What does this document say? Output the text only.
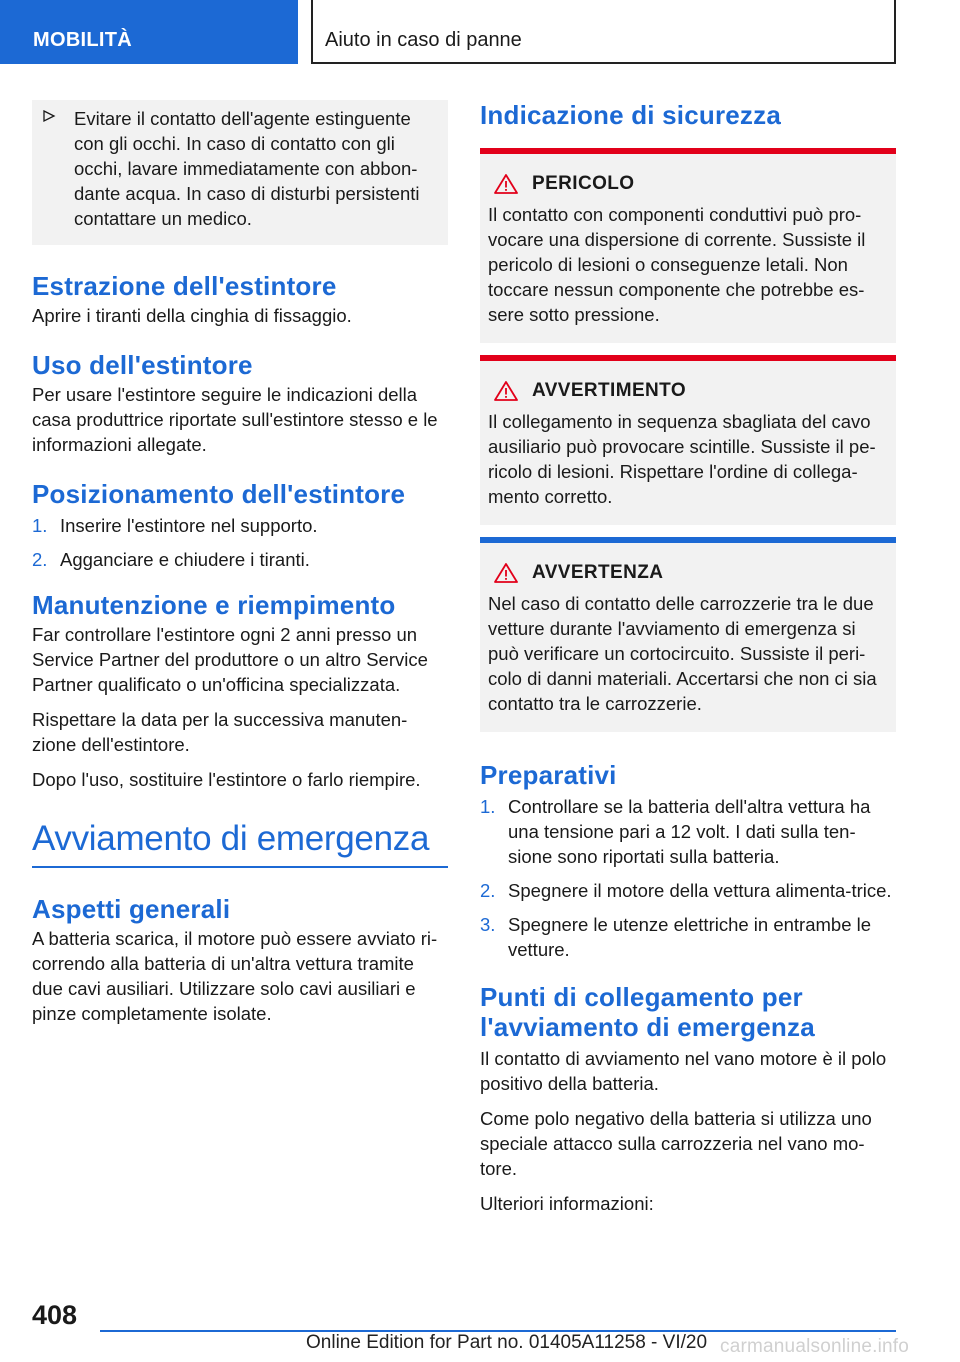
MOBILITÀ	Aiuto in caso di panne
Evitare il contatto dell'agente estinguente con gli occhi. In caso di contatto con gli occhi, lavare immediatamente con abbon‐dante acqua. In caso di disturbi persistenti contattare un medico.
Estrazione dell'estintore
Aprire i tiranti della cinghia di fissaggio.
Uso dell'estintore
Per usare l'estintore seguire le indicazioni della casa produttrice riportate sull'estintore stesso e le informazioni allegate.
Posizionamento dell'estintore
1. Inserire l'estintore nel supporto.
2. Agganciare e chiudere i tiranti.
Manutenzione e riempimento
Far controllare l'estintore ogni 2 anni presso un Service Partner del produttore o un altro Service Partner qualificato o un'officina specializzata.
Rispettare la data per la successiva manuten‐zione dell'estintore.
Dopo l'uso, sostituire l'estintore o farlo riempire.
Avviamento di emergenza
Aspetti generali
A batteria scarica, il motore può essere avviato ri‐correndo alla batteria di un'altra vettura tramite due cavi ausiliari. Utilizzare solo cavi ausiliari e pinze completamente isolate.
Indicazione di sicurezza
PERICOLO
Il contatto con componenti conduttivi può pro‐vocare una dispersione di corrente. Sussiste il pericolo di lesioni o conseguenze letali. Non toccare nessun componente che potrebbe es‐sere sotto pressione.
AVVERTIMENTO
Il collegamento in sequenza sbagliata del cavo ausiliario può provocare scintille. Sussiste il pe‐ricolo di lesioni. Rispettare l'ordine di collega‐mento corretto.
AVVERTENZA
Nel caso di contatto delle carrozzerie tra le due vetture durante l'avviamento di emergenza si può verificare un cortocircuito. Sussiste il peri‐colo di danni materiali. Accertarsi che non ci sia contatto tra le carrozzerie.
Preparativi
1. Controllare se la batteria dell'altra vettura ha una tensione pari a 12 volt. I dati sulla ten‐sione sono riportati sulla batteria.
2. Spegnere il motore della vettura alimenta‐trice.
3. Spegnere le utenze elettriche in entrambe le vetture.
Punti di collegamento per l'avviamento di emergenza
Il contatto di avviamento nel vano motore è il polo positivo della batteria.
Come polo negativo della batteria si utilizza uno speciale attacco sulla carrozzeria nel vano mo‐tore.
Ulteriori informazioni:
408
Online Edition for Part no. 01405A11258 - VI/20 carmanualsonline.info
